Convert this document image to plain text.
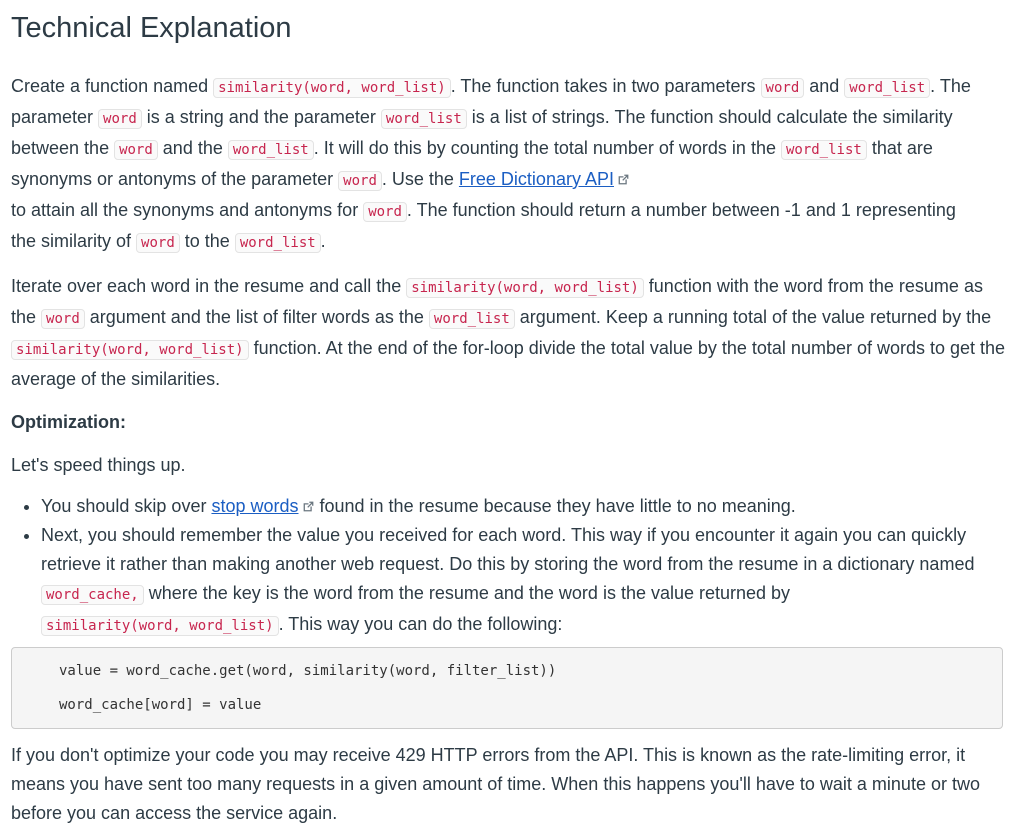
Technical Explanation

Create a function named similarity(word, word_list) . The function takes in two parameters word and word_list . The parameter word is a string and the parameter word_list is a list of strings. The function should calculate the similarity between the word and the word_list . It will do this by counting the total number of words in the word_list that are synonyms or antonyms of the parameter word . Use the Free Dictionary API
to attain all the synonyms and antonyms for word . The function should return a number between -1 and 1 representing
the similarity of word to the word_list .

Iterate over each word in the resume and call the similarity(word, word_list) function with the word from the resume as the word argument and the list of filter words as the word_list argument. Keep a running total of the value returned by the similarity(word, word_list) function. At the end of the for-loop divide the total value by the total number of words to get the average of the similarities.

Optimization:

Let's speed things up.

• You should skip over stop words found in the resume because they have little to no meaning.
• Next, you should remember the value you received for each word. This way if you encounter it again you can quickly retrieve it rather than making another web request. Do this by storing the word from the resume in a dictionary named word_cache, where the key is the word from the resume and the word is the value returned by similarity(word, word_list) . This way you can do the following:
value = word_cache.get(word, similarity(word, filter_list))
word_cache[word] = value

If you don't optimize your code you may receive 429 HTTP errors from the API. This is known as the rate-limiting error, it means you have sent too many requests in a given amount of time. When this happens you'll have to wait a minute or two before you can access the service again.
